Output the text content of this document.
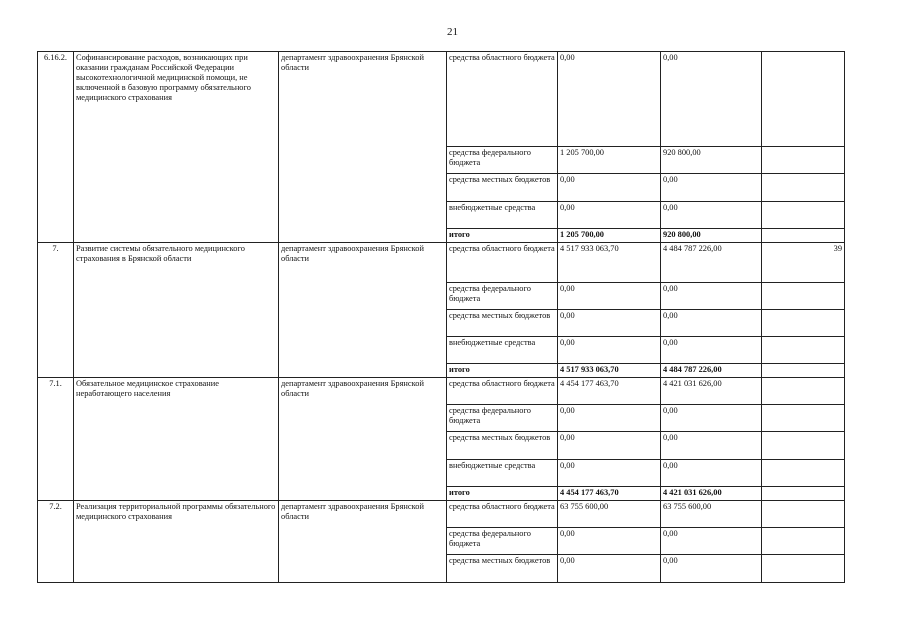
21
6.16.2.	Софинансирование расходов, возникающих при оказании гражданам Российской Федерации высокотехнологичной медицинской помощи, не включенной в базовую программу обязательного медицинского страхования	департамент здравоохранения Брянской области	средства областного бюджета	0,00	0,00	
			средства федерального бюджета	1 205 700,00	920 800,00	
			средства местных бюджетов	0,00	0,00	
			внебюджетные средства	0,00	0,00	
			итого	1 205 700,00	920 800,00	
7.	Развитие системы обязательного медицинского страхования в Брянской области	департамент здравоохранения Брянской области	средства областного бюджета	4 517 933 063,70	4 484 787 226,00	39
			средства федерального бюджета	0,00	0,00	
			средства местных бюджетов	0,00	0,00	
			внебюджетные средства	0,00	0,00	
			итого	4 517 933 063,70	4 484 787 226,00	
7.1.	Обязательное медицинское страхование неработающего населения	департамент здравоохранения Брянской области	средства областного бюджета	4 454 177 463,70	4 421 031 626,00	
			средства федерального бюджета	0,00	0,00	
			средства местных бюджетов	0,00	0,00	
			внебюджетные средства	0,00	0,00	
			итого	4 454 177 463,70	4 421 031 626,00	
7.2.	Реализация территориальной программы обязательного медицинского страхования	департамент здравоохранения Брянской области	средства областного бюджета	63 755 600,00	63 755 600,00	
			средства федерального бюджета	0,00	0,00	
			средства местных бюджетов	0,00	0,00	
